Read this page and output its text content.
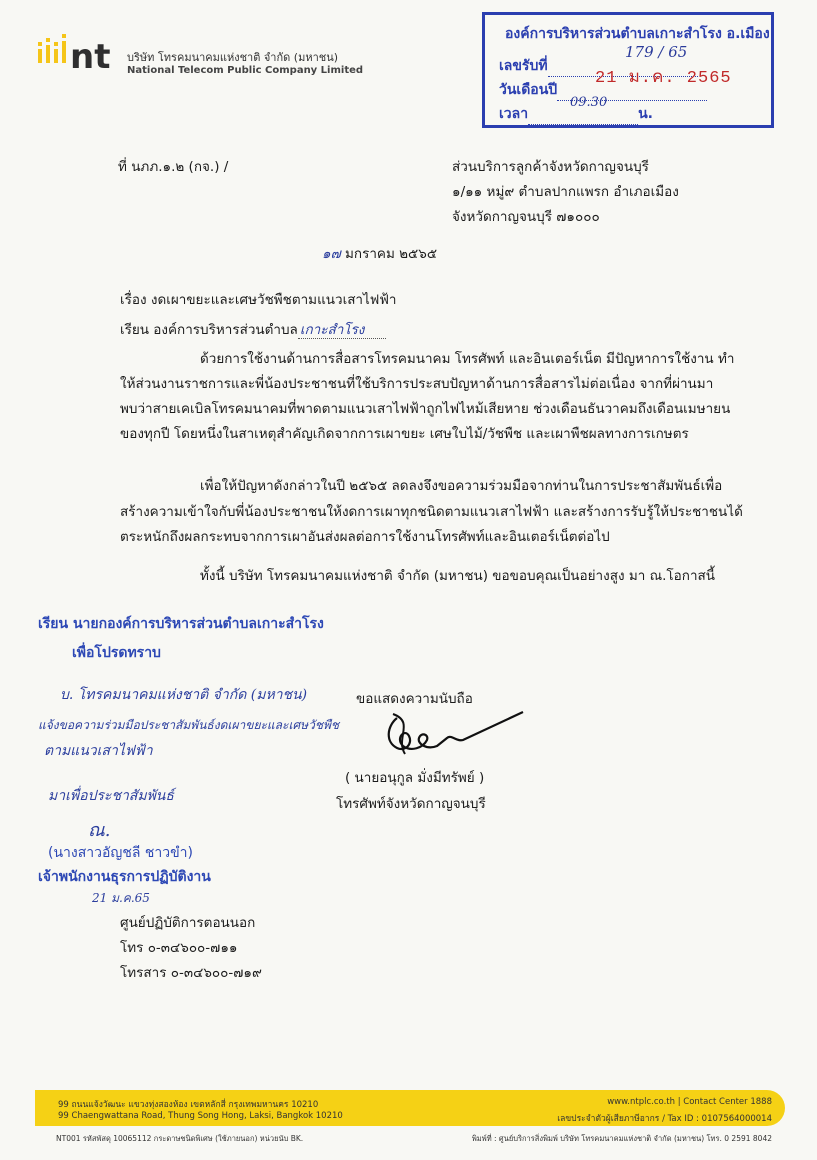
nt บริษัท โทรคมนาคมแห่งชาติ จำกัด (มหาชน)
National Telecom Public Company Limited
องค์การบริหารส่วนตำบลเกาะสำโรง อ.เมือง
เลขรับที่
179 / 65
วันเดือนปี
21 ม.ค. 2565
เวลา	น.
09.30
ที่ นภภ.๑.๒ (กจ.) /	ส่วนบริการลูกค้าจังหวัดกาญจนบุรี
๑/๑๑ หมู่๙ ตำบลปากแพรก อำเภอเมือง
จังหวัดกาญจนบุรี ๗๑๐๐๐
๑๗ มกราคม ๒๕๖๕
เรื่อง งดเผาขยะและเศษวัชพืชตามแนวเสาไฟฟ้า
เรียน องค์การบริหารส่วนตำบล เกาะสำโรง
ด้วยการใช้งานด้านการสื่อสารโทรคมนาคม โทรศัพท์ และอินเตอร์เน็ต มีปัญหาการใช้งาน ทำ
ให้ส่วนงานราชการและพี่น้องประชาชนที่ใช้บริการประสบปัญหาด้านการสื่อสารไม่ต่อเนื่อง จากที่ผ่านมา
พบว่าสายเคเบิลโทรคมนาคมที่พาดตามแนวเสาไฟฟ้าถูกไฟไหม้เสียหาย ช่วงเดือนธันวาคมถึงเดือนเมษายน
ของทุกปี โดยหนึ่งในสาเหตุสำคัญเกิดจากการเผาขยะ เศษใบไม้/วัชพืช และเผาพืชผลทางการเกษตร
เพื่อให้ปัญหาดังกล่าวในปี ๒๕๖๕ ลดลงจึงขอความร่วมมือจากท่านในการประชาสัมพันธ์เพื่อ
สร้างความเข้าใจกับพี่น้องประชาชนให้งดการเผาทุกชนิดตามแนวเสาไฟฟ้า และสร้างการรับรู้ให้ประชาชนได้
ตระหนักถึงผลกระทบจากการเผาอันส่งผลต่อการใช้งานโทรศัพท์และอินเตอร์เน็ตต่อไป
ทั้งนี้ บริษัท โทรคมนาคมแห่งชาติ จำกัด (มหาชน) ขอขอบคุณเป็นอย่างสูง มา ณ.โอกาสนี้
เรียน นายกองค์การบริหารส่วนตำบลเกาะสำโรง
เพื่อโปรดทราบ
บ. โทรคมนาคมแห่งชาติ จำกัด (มหาชน)
แจ้งขอความร่วมมือประชาสัมพันธ์งดเผาขยะและเศษวัชพืช
ตามแนวเสาไฟฟ้า
มาเพื่อประชาสัมพันธ์
ณ.
(นางสาวอัญชลี ชาวขำ)
เจ้าพนักงานธุรการปฏิบัติงาน
21 ม.ค.65
ขอแสดงความนับถือ
( นายอนุกูล มั่งมีทรัพย์ )
โทรศัพท์จังหวัดกาญจนบุรี
ศูนย์ปฏิบัติการตอนนอก
โทร ๐-๓๔๖๐๐-๗๑๑
โทรสาร ๐-๓๔๖๐๐-๗๑๙
99 ถนนแจ้งวัฒนะ แขวงทุ่งสองห้อง เขตหลักสี่ กรุงเทพมหานคร 10210
99 Chaengwattana Road, Thung Song Hong, Laksi, Bangkok 10210
www.ntplc.co.th | Contact Center 1888
เลขประจำตัวผู้เสียภาษีอากร / Tax ID : 0107564000014
NT001 รหัสพัสดุ 10065112 กระดาษชนิดพิเศษ (ใช้ภายนอก) หน่วยนับ BK.	พิมพ์ที่ : ศูนย์บริการสิ่งพิมพ์ บริษัท โทรคมนาคมแห่งชาติ จำกัด (มหาชน) โทร. 0 2591 8042
